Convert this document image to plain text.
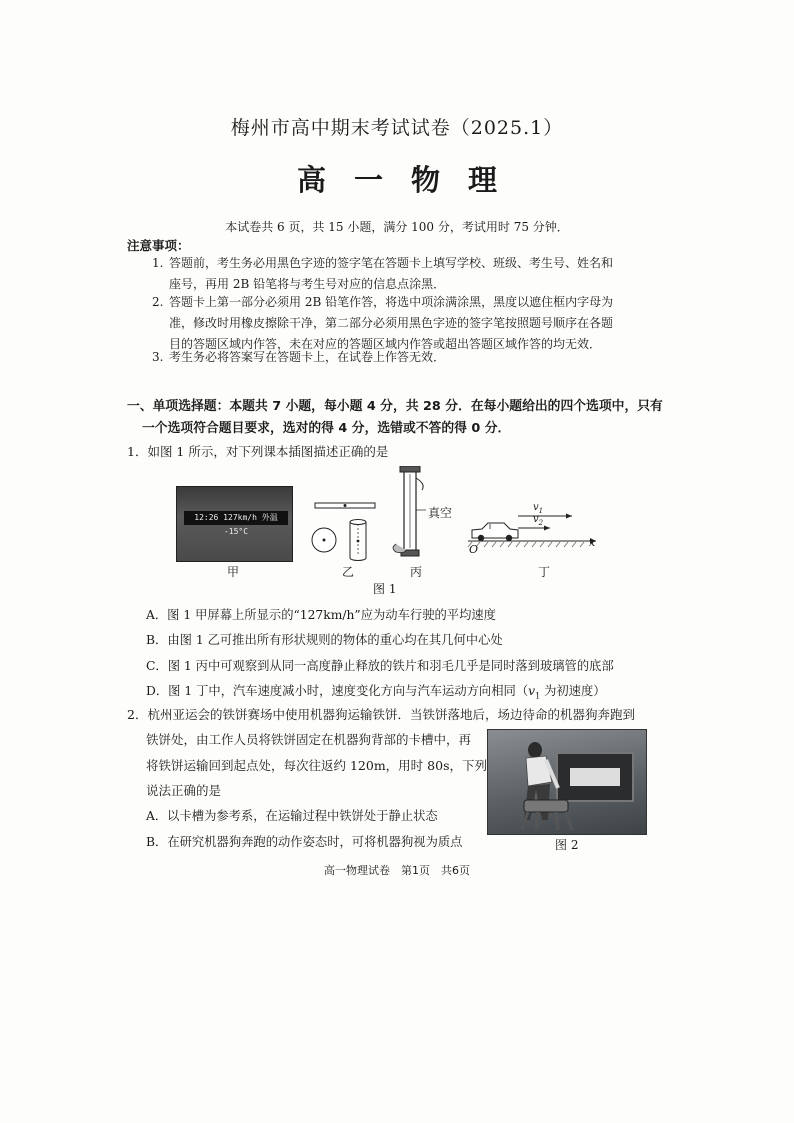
梅州市高中期末考试试卷（2025.1）
高一物理
本试卷共 6 页，共 15 小题，满分 100 分，考试用时 75 分钟．
注意事项：
1. 答题前，考生务必用黑色字迹的签字笔在答题卡上填写学校、班级、考生号、姓名和
座号，再用 2B 铅笔将与考生号对应的信息点涂黑．
2. 答题卡上第一部分必须用 2B 铅笔作答，将选中项涂满涂黑，黑度以遮住框内字母为
准，修改时用橡皮擦除干净，第二部分必须用黑色字迹的签字笔按照题号顺序在各题
目的答题区域内作答，未在对应的答题区域内作答或超出答题区域作答的均无效．
3. 考生务必将答案写在答题卡上，在试卷上作答无效．
一、单项选择题：本题共 7 小题，每小题 4 分，共 28 分．在每小题给出的四个选项中，只有
一个选项符合题目要求，选对的得 4 分，选错或不答的得 0 分．
1．如图 1 所示，对下列课本插图描述正确的是
12:26 127km/h 外温 -15°C
真空	$v_1$
$v_2$
O
x
甲	乙	丙	丁
图 1
A．图 1 甲屏幕上所显示的“127km/h”应为动车行驶的平均速度
B．由图 1 乙可推出所有形状规则的物体的重心均在其几何中心处
C．图 1 丙中可观察到从同一高度静止释放的铁片和羽毛几乎是同时落到玻璃管的底部
D．图 1 丁中，汽车速度减小时，速度变化方向与汽车运动方向相同（$v_1$ 为初速度）
2．杭州亚运会的铁饼赛场中使用机器狗运输铁饼．当铁饼落地后，场边待命的机器狗奔跑到
铁饼处，由工作人员将铁饼固定在机器狗背部的卡槽中，再
将铁饼运输回到起点处，每次往返约 120m，用时 80s，下列
说法正确的是
A．以卡槽为参考系，在运输过程中铁饼处于静止状态
B．在研究机器狗奔跑的动作姿态时，可将机器狗视为质点	图 2
高一物理试卷　第1页　共6页
